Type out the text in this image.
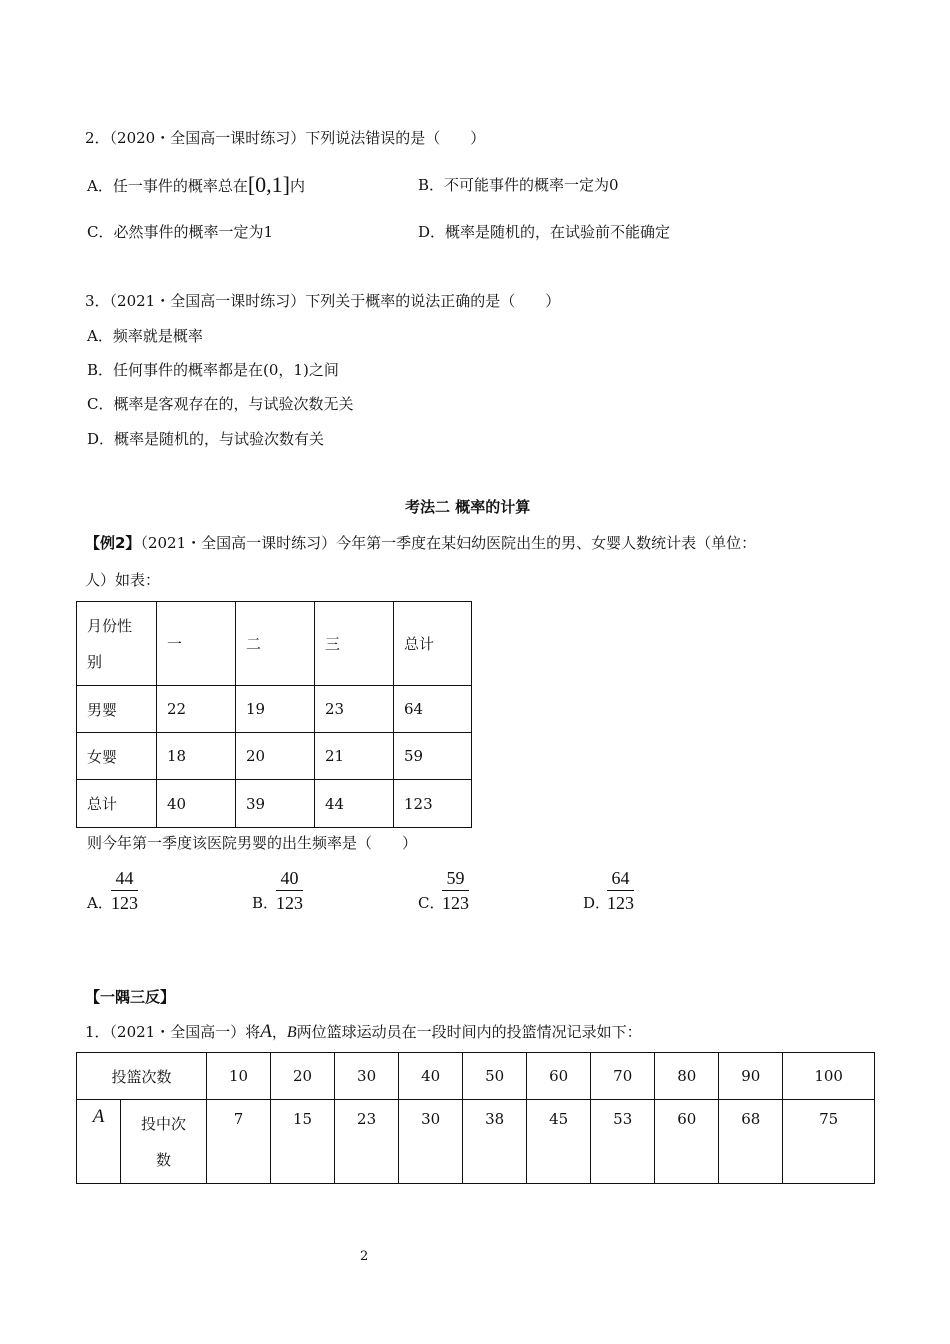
2．（2020・全国高一课时练习）下列说法错误的是（　　）
A．任一事件的概率总在[0,1]内	B．不可能事件的概率一定为0
C．必然事件的概率一定为1	D．概率是随机的，在试验前不能确定
3．（2021・全国高一课时练习）下列关于概率的说法正确的是（　　）
A．频率就是概率
B．任何事件的概率都是在(0，1)之间
C．概率是客观存在的，与试验次数无关
D．概率是随机的，与试验次数有关
考法二 概率的计算
【例2】（2021・全国高一课时练习）今年第一季度在某妇幼医院出生的男、女婴人数统计表（单位：
人）如表：
月份性
别	一	二	三	总计
男婴	22	19	23	64
女婴	18	20	21	59
总计	40	39	44	123
则今年第一季度该医院男婴的出生频率是（　　）
A．
$\frac{44}{123}$	B．
$\frac{40}{123}$	C．
$\frac{59}{123}$	D．
$\frac{64}{123}$
【一隅三反】
1．（2021・全国高一）将A，B两位篮球运动员在一段时间内的投篮情况记录如下：
投篮次数		10	20	30	40	50	60	70	80	90	100
A	投中次
数	7	15	23	30	38	45	53	60	68	75
2
